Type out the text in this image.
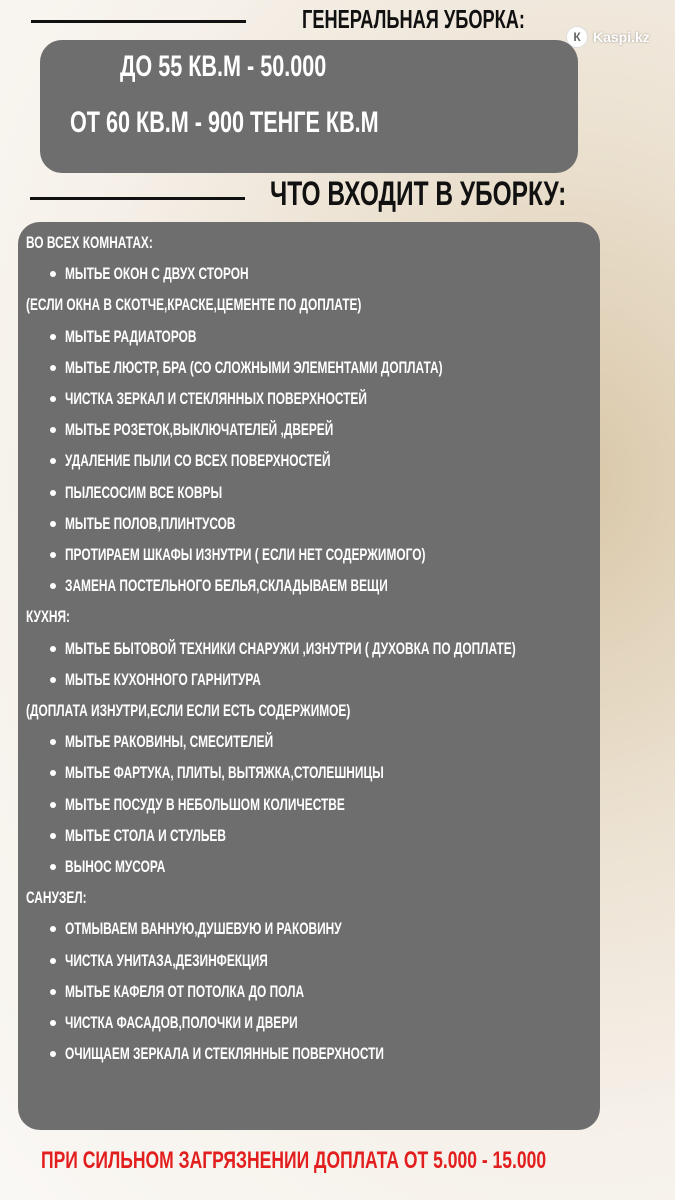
ГЕНЕРАЛЬНАЯ УБОРКА:
К Kaspi.kz
ДО 55 КВ.М - 50.000
ОТ 60 КВ.М - 900 ТЕНГЕ КВ.М
ЧТО ВХОДИТ В УБОРКУ:
ВО ВСЕХ КОМНАТАХ:
МЫТЬЕ ОКОН С ДВУХ СТОРОН
(ЕСЛИ ОКНА В СКОТЧЕ,КРАСКЕ,ЦЕМЕНТЕ ПО ДОПЛАТЕ)
МЫТЬЕ РАДИАТОРОВ
МЫТЬЕ ЛЮСТР, БРА (СО СЛОЖНЫМИ ЭЛЕМЕНТАМИ ДОПЛАТА)
ЧИСТКА ЗЕРКАЛ И СТЕКЛЯННЫХ ПОВЕРХНОСТЕЙ
МЫТЬЕ РОЗЕТОК,ВЫКЛЮЧАТЕЛЕЙ ,ДВЕРЕЙ
УДАЛЕНИЕ ПЫЛИ СО ВСЕХ ПОВЕРХНОСТЕЙ
ПЫЛЕСОСИМ ВСЕ КОВРЫ
МЫТЬЕ ПОЛОВ,ПЛИНТУСОВ
ПРОТИРАЕМ ШКАФЫ ИЗНУТРИ ( ЕСЛИ НЕТ СОДЕРЖИМОГО)
ЗАМЕНА ПОСТЕЛЬНОГО БЕЛЬЯ,СКЛАДЫВАЕМ ВЕЩИ
КУХНЯ:
МЫТЬЕ БЫТОВОЙ ТЕХНИКИ СНАРУЖИ ,ИЗНУТРИ ( ДУХОВКА ПО ДОПЛАТЕ)
МЫТЬЕ КУХОННОГО ГАРНИТУРА
(ДОПЛАТА ИЗНУТРИ,ЕСЛИ ЕСЛИ ЕСТЬ СОДЕРЖИМОЕ)
МЫТЬЕ РАКОВИНЫ, СМЕСИТЕЛЕЙ
МЫТЬЕ ФАРТУКА, ПЛИТЫ, ВЫТЯЖКА,СТОЛЕШНИЦЫ
МЫТЬЕ ПОСУДУ В НЕБОЛЬШОМ КОЛИЧЕСТВЕ
МЫТЬЕ СТОЛА И СТУЛЬЕВ
ВЫНОС МУСОРА
САНУЗЕЛ:
ОТМЫВАЕМ ВАННУЮ,ДУШЕВУЮ И РАКОВИНУ
ЧИСТКА УНИТАЗА,ДЕЗИНФЕКЦИЯ
МЫТЬЕ КАФЕЛЯ ОТ ПОТОЛКА ДО ПОЛА
ЧИСТКА ФАСАДОВ,ПОЛОЧКИ И ДВЕРИ
ОЧИЩАЕМ ЗЕРКАЛА И СТЕКЛЯННЫЕ ПОВЕРХНОСТИ
ПРИ СИЛЬНОМ ЗАГРЯЗНЕНИИ ДОПЛАТА ОТ 5.000 - 15.000
